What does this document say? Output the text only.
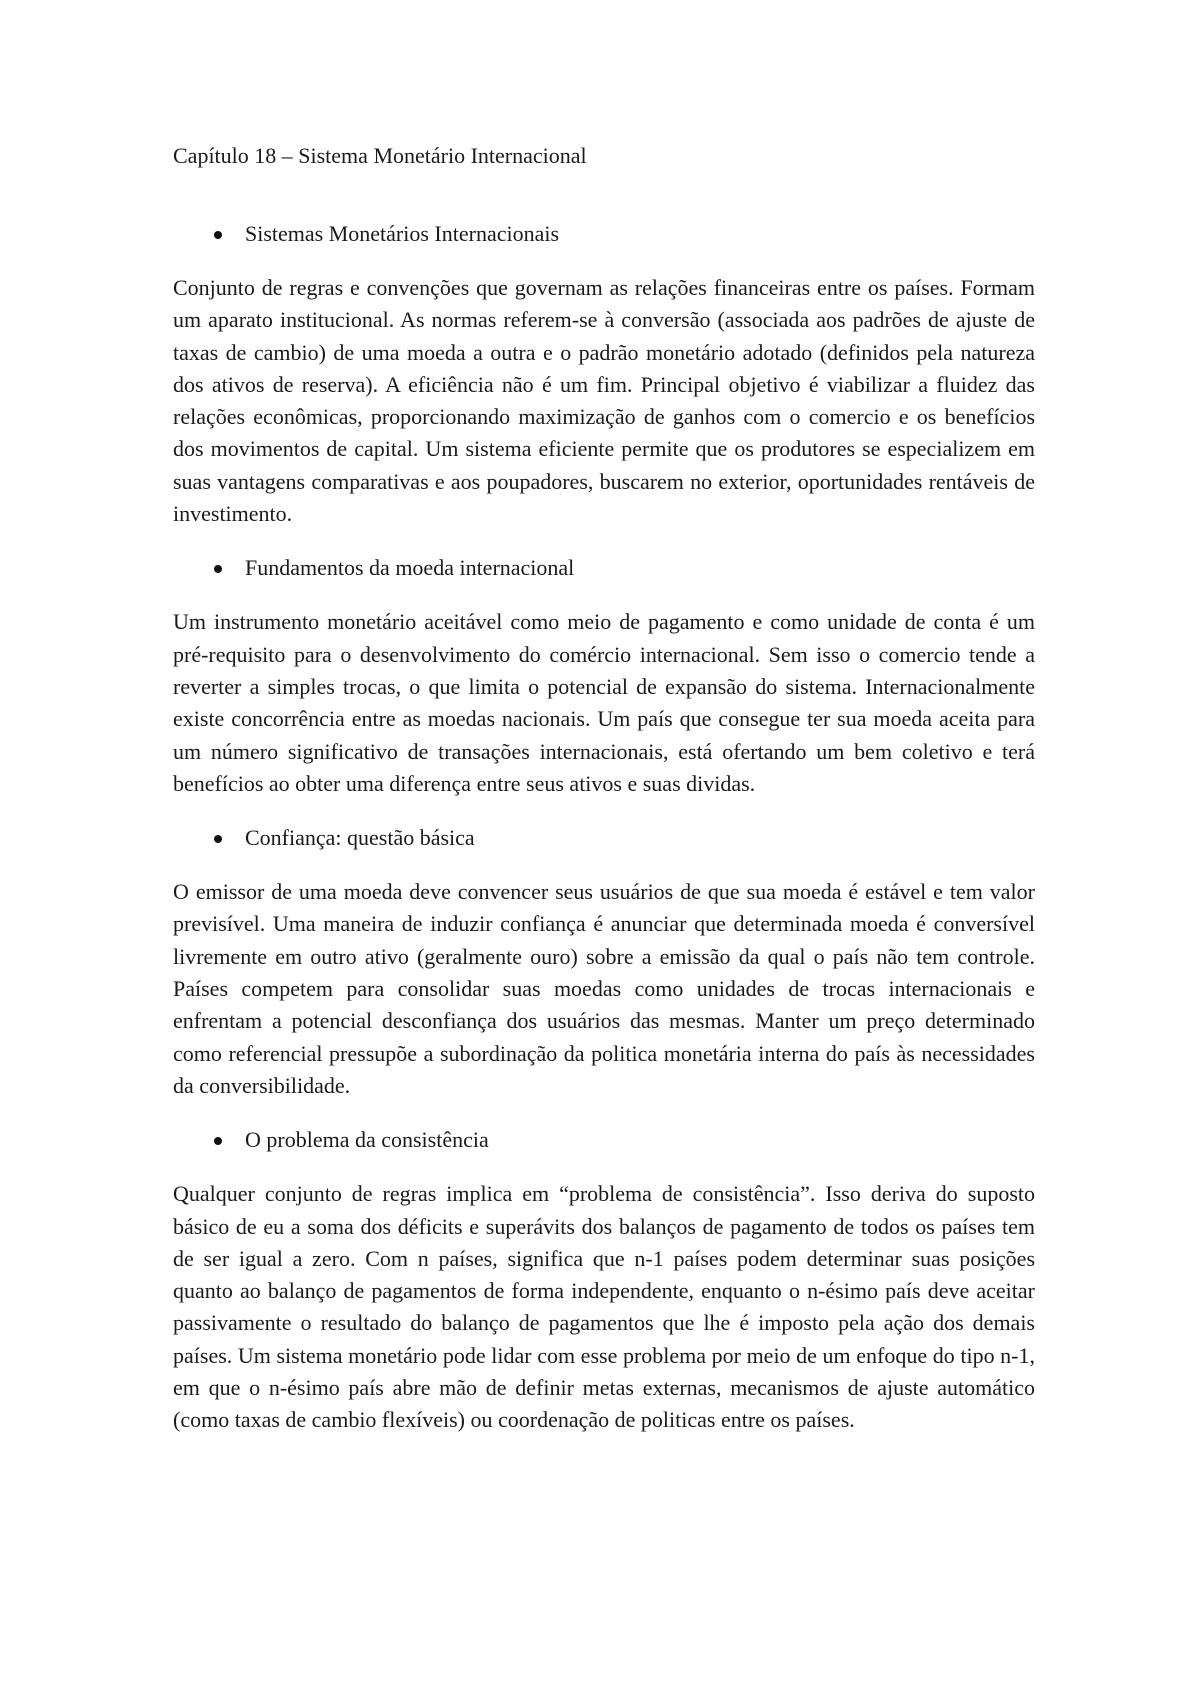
Capítulo 18 – Sistema Monetário Internacional
Sistemas Monetários Internacionais
Conjunto de regras e convenções que governam as relações financeiras entre os países. Formam um aparato institucional. As normas referem-se à conversão (associada aos padrões de ajuste de taxas de cambio) de uma moeda a outra e o padrão monetário adotado (definidos pela natureza dos ativos de reserva). A eficiência não é um fim. Principal objetivo é viabilizar a fluidez das relações econômicas, proporcionando maximização de ganhos com o comercio e os benefícios dos movimentos de capital. Um sistema eficiente permite que os produtores se especializem em suas vantagens comparativas e aos poupadores, buscarem no exterior, oportunidades rentáveis de investimento.
Fundamentos da moeda internacional
Um instrumento monetário aceitável como meio de pagamento e como unidade de conta é um pré-requisito para o desenvolvimento do comércio internacional. Sem isso o comercio tende a reverter a simples trocas, o que limita o potencial de expansão do sistema. Internacionalmente existe concorrência entre as moedas nacionais. Um país que consegue ter sua moeda aceita para um número significativo de transações internacionais, está ofertando um bem coletivo e terá benefícios ao obter uma diferença entre seus ativos e suas dividas.
Confiança: questão básica
O emissor de uma moeda deve convencer seus usuários de que sua moeda é estável e tem valor previsível. Uma maneira de induzir confiança é anunciar que determinada moeda é conversível livremente em outro ativo (geralmente ouro) sobre a emissão da qual o país não tem controle. Países competem para consolidar suas moedas como unidades de trocas internacionais e enfrentam a potencial desconfiança dos usuários das mesmas. Manter um preço determinado como referencial pressupõe a subordinação da politica monetária interna do país às necessidades da conversibilidade.
O problema da consistência
Qualquer conjunto de regras implica em “problema de consistência”. Isso deriva do suposto básico de eu a soma dos déficits e superávits dos balanços de pagamento de todos os países tem de ser igual a zero. Com n países, significa que n-1 países podem determinar suas posições quanto ao balanço de pagamentos de forma independente, enquanto o n-ésimo país deve aceitar passivamente o resultado do balanço de pagamentos que lhe é imposto pela ação dos demais países. Um sistema monetário pode lidar com esse problema por meio de um enfoque do tipo n-1, em que o n-ésimo país abre mão de definir metas externas, mecanismos de ajuste automático (como taxas de cambio flexíveis) ou coordenação de politicas entre os países.
